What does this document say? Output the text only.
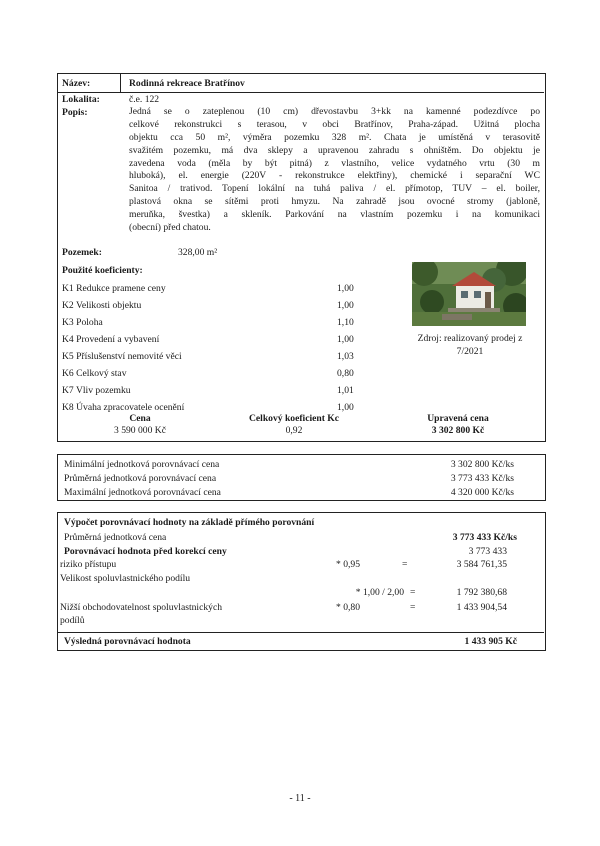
Název:	Rodinná rekreace Bratřínov
Lokalita:	č.e. 122
Popis:	Jedná se o zateplenou (10 cm) dřevostavbu 3+kk na kamenné podezdívce po
celkové rekonstrukci s terasou, v obci Bratřínov, Praha-západ. Užitná plocha
objektu cca 50 m², výměra pozemku 328 m². Chata je umístěná v terasovitě
svažitém pozemku, má dva sklepy a upravenou zahradu s ohništěm. Do objektu je
zavedena voda (měla by být pitná) z vlastního, velice vydatného vrtu (30 m
hluboká), el. energie (220V - rekonstrukce elektřiny), chemické i separační WC
Sanitoa / trativod. Topení lokální na tuhá paliva / el. přímotop, TUV – el. boiler,
plastová okna se sítěmi proti hmyzu. Na zahradě jsou ovocné stromy (jabloně,
meruňka, švestka) a skleník. Parkování na vlastním pozemku i na komunikaci
(obecní) před chatou.
Pozemek:	328,00 m²
Použité koeficienty:
K1 Redukce pramene ceny	1,00
K2 Velikosti objektu	1,00
K3 Poloha	1,10
K4 Provedení a vybavení	1,00
K5 Příslušenství nemovité věci	1,03
K6 Celkový stav	0,80
K7 Vliv pozemku	1,01
K8 Úvaha zpracovatele ocenění	1,00
Zdroj: realizovaný prodej z
7/2021
Cena	Celkový koeficient Kc	Upravená cena
3 590 000 Kč	0,92	3 302 800 Kč
Minimální jednotková porovnávací cena	3 302 800 Kč/ks
Průměrná jednotková porovnávací cena	3 773 433 Kč/ks
Maximální jednotková porovnávací cena	4 320 000 Kč/ks
Výpočet porovnávací hodnoty na základě přímého porovnání
Průměrná jednotková cena	3 773 433 Kč/ks
Porovnávací hodnota před korekcí ceny	3 773 433
riziko přístupu	* 0,95	=	3 584 761,35
Velikost spoluvlastnického podílu
* 1,00 / 2,00 =	1 792 380,68
Nižší obchodovatelnost spoluvlastnických
podílů
* 0,80	=	1 433 904,54
Výsledná porovnávací hodnota	1 433 905 Kč
- 11 -
